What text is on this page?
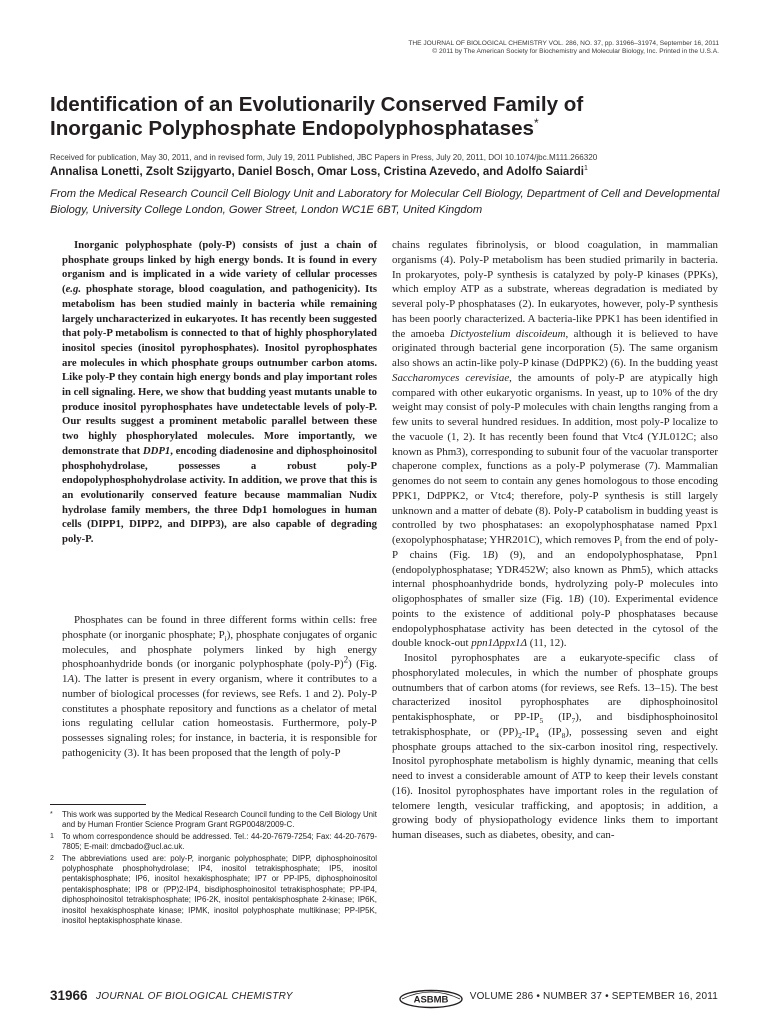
THE JOURNAL OF BIOLOGICAL CHEMISTRY VOL. 286, NO. 37, pp. 31966–31974, September 16, 2011
© 2011 by The American Society for Biochemistry and Molecular Biology, Inc. Printed in the U.S.A.
Identification of an Evolutionarily Conserved Family of
Inorganic Polyphosphate Endopolyphosphatases*
Received for publication, May 30, 2011, and in revised form, July 19, 2011 Published, JBC Papers in Press, July 20, 2011, DOI 10.1074/jbc.M111.266320
Annalisa Lonetti, Zsolt Szijgyarto, Daniel Bosch, Omar Loss, Cristina Azevedo, and Adolfo Saiardi$^1$
From the Medical Research Council Cell Biology Unit and Laboratory for Molecular Cell Biology, Department of Cell and Developmental Biology, University College London, Gower Street, London WC1E 6BT, United Kingdom

Inorganic polyphosphate (poly-P) consists of just a chain of phosphate groups linked by high energy bonds. It is found in every organism and is implicated in a wide variety of cellular processes (e.g. phosphate storage, blood coagulation, and pathogenicity). Its metabolism has been studied mainly in bacteria while remaining largely uncharacterized in eukaryotes. It has recently been suggested that poly-P metabolism is connected to that of highly phosphorylated inositol species (inositol pyrophosphates). Inositol pyrophosphates are molecules in which phosphate groups outnumber carbon atoms. Like poly-P they contain high energy bonds and play important roles in cell signaling. Here, we show that budding yeast mutants unable to produce inositol pyrophosphates have undetectable levels of poly-P. Our results suggest a prominent metabolic parallel between these two highly phosphorylated molecules. More importantly, we demonstrate that DDP1, encoding diadenosine and diphosphoinositol phosphohydrolase, possesses a robust poly-P endopolyphosphohydrolase activity. In addition, we prove that this is an evolutionarily conserved feature because mammalian Nudix hydrolase family members, the three Ddp1 homologues in human cells (DIPP1, DIPP2, and DIPP3), are also capable of degrading poly-P.

Phosphates can be found in three different forms within cells: free phosphate (or inorganic phosphate; $P_i$), phosphate conjugates of organic molecules, and phosphate polymers linked by high energy phosphoanhydride bonds (or inorganic polyphosphate (poly-P)$^2$) (Fig. 1A). The latter is present in every organism, where it contributes to a number of biological processes (for reviews, see Refs. 1 and 2). Poly-P constitutes a phosphate repository and functions as a chelator of metal ions regulating cellular cation homeostasis. Furthermore, poly-P possesses signaling roles; for instance, in bacteria, it is responsible for pathogenicity (3). It has been proposed that the length of poly-P

chains regulates fibrinolysis, or blood coagulation, in mammalian organisms (4). Poly-P metabolism has been studied primarily in bacteria. In prokaryotes, poly-P synthesis is catalyzed by poly-P kinases (PPKs), which employ ATP as a substrate, whereas degradation is mediated by several poly-P phosphatases (2). In eukaryotes, however, poly-P synthesis has been poorly characterized. A bacteria-like PPK1 has been identified in the amoeba Dictyostelium discoideum, although it is believed to have originated through bacterial gene incorporation (5). The same organism also shows an actin-like poly-P kinase (DdPPK2) (6). In the budding yeast Saccharomyces cerevisiae, the amounts of poly-P are atypically high compared with other eukaryotic organisms. In yeast, up to 10% of the dry weight may consist of poly-P molecules with chain lengths ranging from a few units to several hundred residues. In addition, most poly-P localize to the vacuole (1, 2). It has recently been found that Vtc4 (YJL012C; also known as Phm3), corresponding to subunit four of the vacuolar transporter chaperone complex, functions as a poly-P polymerase (7). Mammalian genomes do not seem to contain any genes homologous to those encoding PPK1, DdPPK2, or Vtc4; therefore, poly-P synthesis is still largely unknown and a matter of debate (8). Poly-P catabolism in budding yeast is controlled by two phosphatases: an exopolyphosphatase named Ppx1 (exopolyphosphatase; YHR201C), which removes $P_i$ from the end of poly-P chains (Fig. 1B) (9), and an endopolyphosphatase, Ppn1 (endopolyphosphatase; YDR452W; also known as Phm5), which attacks internal phosphoanhydride bonds, hydrolyzing poly-P molecules into oligophosphates of smaller size (Fig. 1B) (10). Experimental evidence points to the existence of additional poly-P phosphatases because endopolyphosphatase activity has been detected in the cytosol of the double knock-out ppn1Δppx1Δ (11, 12).

Inositol pyrophosphates are a eukaryote-specific class of phosphorylated molecules, in which the number of phosphate groups outnumbers that of carbon atoms (for reviews, see Refs. 13–15). The best characterized inositol pyrophosphates are diphosphoinositol pentakisphosphate, or $PP-IP_5$ $(IP_7)$, and bisdiphosphoinositol tetrakisphosphate, or $(PP)_2-IP_4$ $(IP_8)$, possessing seven and eight phosphate groups attached to the six-carbon inositol ring, respectively. Inositol pyrophosphate metabolism is highly dynamic, meaning that cells need to invest a considerable amount of ATP to keep their levels constant (16). Inositol pyrophosphates have important roles in the regulation of telomere length, vesicular trafficking, and apoptosis; in addition, a growing body of physiopathology evidence links them to important human diseases, such as diabetes, obesity, and can-

*	This work was supported by the Medical Research Council funding to the Cell Biology Unit and by Human Frontier Science Program Grant RGP0048/2009-C.
1	To whom correspondence should be addressed. Tel.: 44-20-7679-7254; Fax: 44-20-7679-7805; E-mail: dmcbado@ucl.ac.uk.
2	The abbreviations used are: poly-P, inorganic polyphosphate; DIPP, diphosphoinositol polyphosphate phosphohydrolase; IP4, inositol tetrakisphosphate; IP5, inositol pentakisphosphate; IP6, inositol hexakisphosphate; IP7 or PP-IP5, diphosphoinositol pentakisphosphate; IP8 or (PP)2-IP4, bisdiphosphoinositol tetrakisphosphate; PP-IP4, diphosphoinositol tetrakisphosphate; IP6-2K, inositol pentakisphosphate 2-kinase; IP6K, inositol hexakisphosphate kinase; IPMK, inositol polyphosphate multikinase; PP-IP5K, inositol heptakisphosphate kinase.
31966 JOURNAL OF BIOLOGICAL CHEMISTRY	ASBMB VOLUME 286 • NUMBER 37 • SEPTEMBER 16, 2011
